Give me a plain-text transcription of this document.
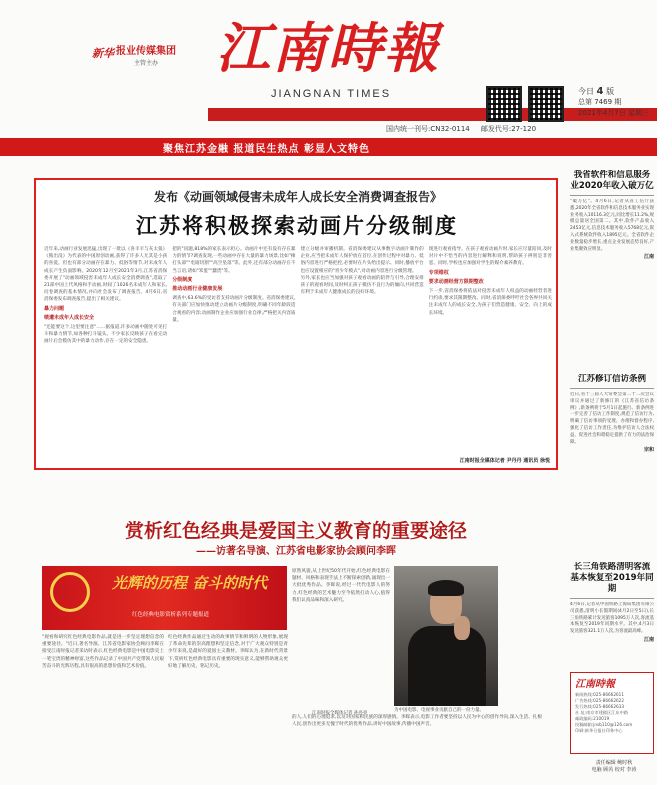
新华 报业传媒集团
主管主办	江南時報
JIANGNAN TIMES	今日 4 版
总第 7469 期
2021年4月7日 星期三
国内统一刊号:CN32-0114 邮发代号:27-120
聚焦江苏金融 报道民生热点 彰显人文特色
发布《动画领域侵害未成年人成长安全消费调查报告》
江苏将积极探索动画片分级制度
近年来,动画行业发展迅猛,出现了一批以《喜羊羊与灰太狼》《熊出没》为代表的中国原创动画,获得了许多人尤其是小孩的喜爱。但也有部分动画存在暴力、低俗等情节,对未成年人成长产生负面影响。2020年12月至2021年3月,江苏省消保委开展了"动画领域侵害未成年人成长安全消费调查",选取了21部中国上代风格和手动画,时间了1026名未成年人和家长,问卷调查的基本情况,并向社会发布了调查报告。4月6日,省消保委发布调查报告,提出了相关建议。
暴力问题
喷遭未成年人成长安全
"还能要这个,这里要注意"……据报道,许多动画中随处可见打斗和暴力情节,如各种打斗镜头。不少家长反映孩子在看完动画片后会模仿其中的暴力动作,存在一定的安全隐患。
把的"问题,818%的家长表示担心。动画片中还有没有存在暴力的情节?调查发现,一些动画中存在大量的暴力场景,比如"捶打头部""电锯切割""高空坠落"等。此外,还有部分动画存在不当言语,诸如"笨蛋""蠢货"等。
分级制度
推动动画行业健康发展
调查中,63.6%的受访者支持动画片分级制度。省消保委建议,有关部门应加快推动建立动画片分级制度,明确不同年龄段适合观看的内容;动画制作企业应加强行业自律,严格把关内容质量。
建立分级并审播机制。省消保委建议从事数字动画片制作的企业,应当把未成年人保护放在首位,在创作过程中对暴力、低俗内容进行严格把控,必要时在片头给出提示。同时,播放平台也应设置相应的"青少年模式",对动画内容进行分级管理。
另外,家长也应当加强对孩子观看动画的陪伴与引导,合理安排孩子的观看时间,及时纠正孩子模仿不良行为的倾向,共同营造有利于未成年人健康成长的良好环境。
现进行观看指导。在孩子观看动画片时,家长应尽量陪同,及时对片中不恰当的内容进行解释和说明,帮助孩子辨别是非善恶。同时,学校也应加强对学生的媒介素养教育。
专项维权
要求动画经营方限期整改
下一步,省消保委将依法对侵害未成年人权益的动画经营者进行约谈,要求其限期整改。同时,省消保委呼吁社会各界共同关注未成年人的成长安全,为孩子们营造健康、安全、向上的成长环境。
江南时报全媒体记者 尹丹丹 通讯员 徐悦
我省软件和信息服务业2020年收入破万亿
"破万亿"。4月6日,记者从省工信厅获悉,2020年全省软件和信息技术服务业实现业务收入10116.3亿元,同比增长11.2%,规模总量居全国第二。其中,软件产品收入2453亿元,信息技术服务收入5768亿元,嵌入式系统软件收入1895亿元。全省软件企业数量稳步增长,重点企业发展态势良好,产业集聚效应明显。
江南
江苏修订信访条例
近日,省十三届人大常委会第二十二次会议审议并通过了新修订的《江苏省信访条例》,新条例将于5月1日起施行。新条例进一步完善了信访工作制度,规范了信访行为,明确了信访事项的受理、办理和督办程序,强化了信访工作责任,为维护信访人合法权益、促进社会和谐稳定提供了有力的法治保障。
宗和
长三角铁路清明客流基本恢复至2019年同期
4月6日,记者从中国铁路上海局集团有限公司获悉,清明小长假期间(4月2日至5日),长三角铁路累计发送旅客1095万人次,客流基本恢复至2019年同期水平。其中,4月3日发送旅客321.1万人次,为客流最高峰。
江南
赏析红色经典是爱国主义教育的重要途径
——访著名导演、江苏省电影家协会顾问李晖
光辉的历程 奋斗的时代
红色经典电影赏析系列专题报道
为中国电影、电视事业贡献自己的一份力量。
江南时报全媒体记者 孙亮亮
"观看和研究红色经典电影作品,就是进一步坚定理想信念的重要途径。"近日,著名导演、江苏省电影家协会顾问李晖在接受江南时报记者采访时表示,红色经典电影是中国电影史上一笔宝贵的精神财富,这些作品记录了中国共产党带领人民艰苦奋斗的光辉历程,具有很高的思想价值和艺术价值。
红色经典作品通过生动的故事情节和鲜明的人物形象,展现了革命先辈的崇高理想和坚定信念,对于广大观众特别是青少年来说,是最好的爱国主义教材。李晖认为,在新时代背景下,赏析红色经典电影具有重要的现实意义,能够帮助观众更好地了解历史、铭记历史。
原然风貌,从上世纪50年代开始,红色经典电影在题材、风格和表现手法上不断探索创新,涌现出一大批优秀作品。李晖说,经过一代代电影人的努力,红色经典的艺术魅力至今依然打动人心,值得我们认真品味和深入研究。
的人,人们的心理追求,以及对国家和民族的深厚感情。李晖表示,电影工作者要坚持以人民为中心的创作导向,深入生活、扎根人民,创作出更多无愧于时代的优秀作品,讲好中国故事,传播中国声音。
江南時報
新闻热线:025-86662611
广告热线:025-86662622
发行热线:025-86662633
社 址:南京市建邺区江东中路
邮政编码:210019
投稿邮箱:jnsb110@126.com
印刷:新华日报社印务中心
责任编辑 鲍时秋
电脑 顾芮 校对 李涛
